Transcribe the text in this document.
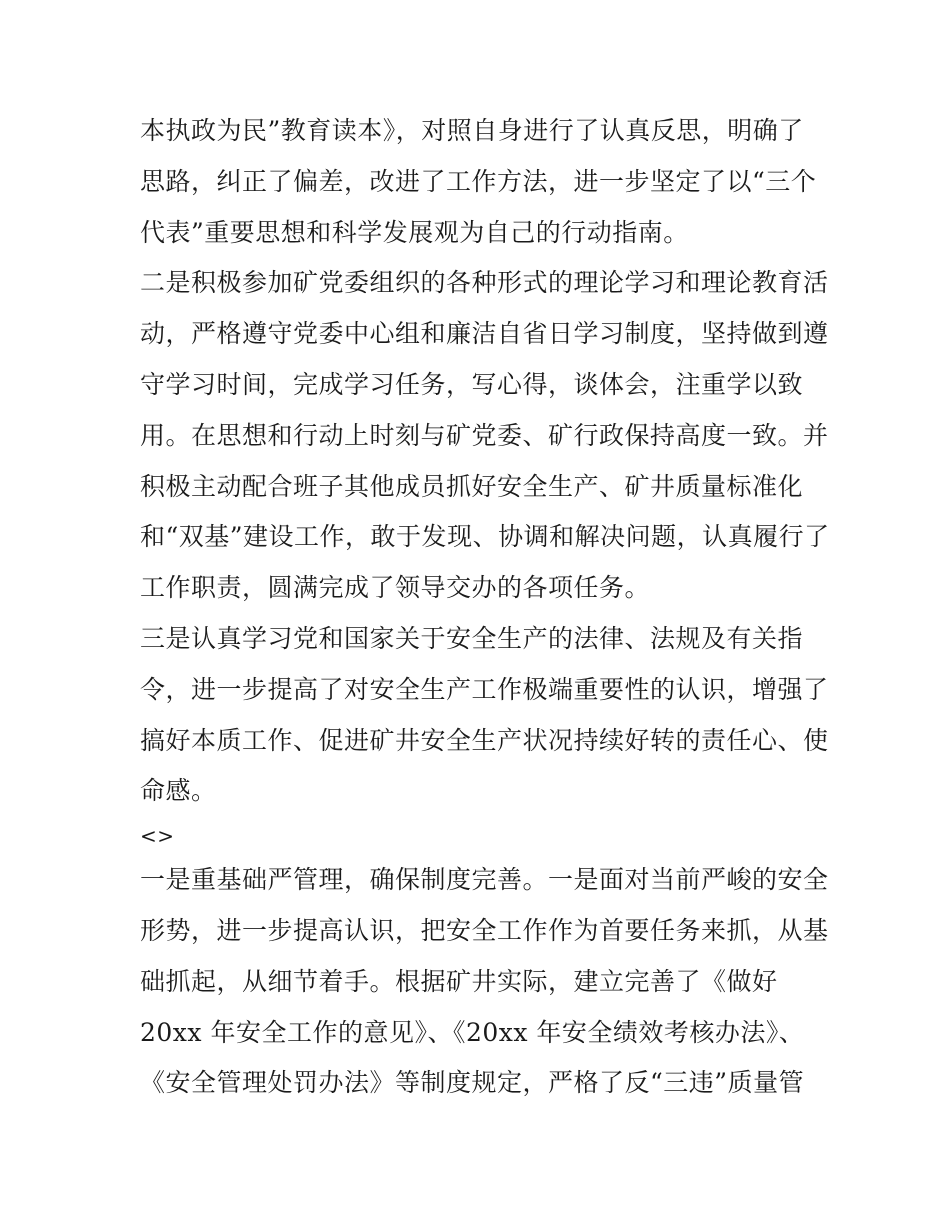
本执政为民”教育读本》，对照自身进行了认真反思，明确了
思路，纠正了偏差，改进了工作方法，进一步坚定了以“三个
代表”重要思想和科学发展观为自己的行动指南。
二是积极参加矿党委组织的各种形式的理论学习和理论教育活
动，严格遵守党委中心组和廉洁自省日学习制度，坚持做到遵
守学习时间，完成学习任务，写心得，谈体会，注重学以致
用。在思想和行动上时刻与矿党委、矿行政保持高度一致。并
积极主动配合班子其他成员抓好安全生产、矿井质量标准化
和“双基”建设工作，敢于发现、协调和解决问题，认真履行了
工作职责，圆满完成了领导交办的各项任务。
三是认真学习党和国家关于安全生产的法律、法规及有关指
令，进一步提高了对安全生产工作极端重要性的认识，增强了
搞好本质工作、促进矿井安全生产状况持续好转的责任心、使
命感。
<>
一是重基础严管理，确保制度完善。一是面对当前严峻的安全
形势，进一步提高认识，把安全工作作为首要任务来抓，从基
础抓起，从细节着手。根据矿井实际，建立完善了《做好
20xx 年安全工作的意见》、《20xx 年安全绩效考核办法》、
《安全管理处罚办法》等制度规定，严格了反“三违”质量管
